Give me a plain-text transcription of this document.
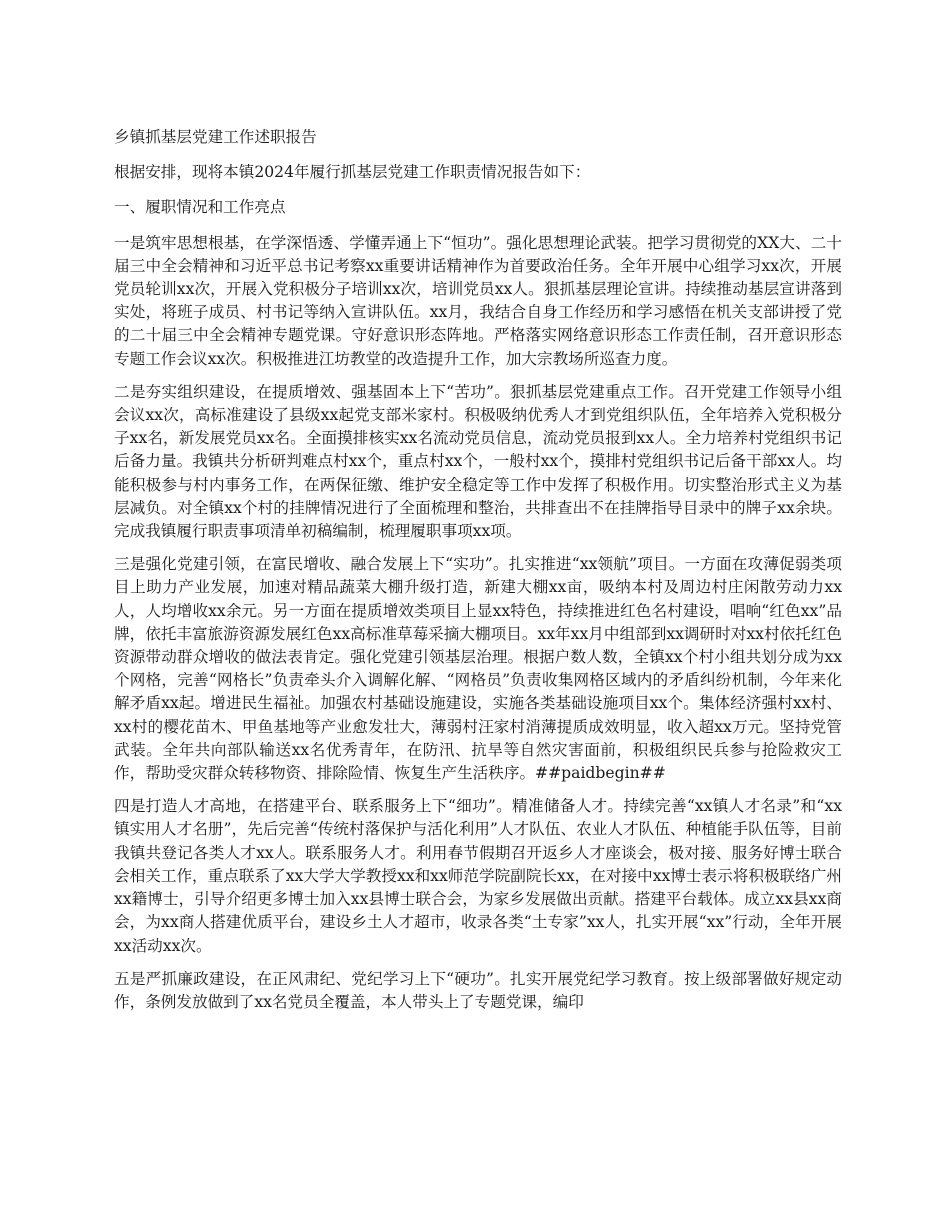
乡镇抓基层党建工作述职报告

根据安排，现将本镇2024年履行抓基层党建工作职责情况报告如下：

一、履职情况和工作亮点

一是筑牢思想根基，在学深悟透、学懂弄通上下“恒功”。强化思想理论武装。把学习贯彻党的XX大、二十届三中全会精神和习近平总书记考察xx重要讲话精神作为首要政治任务。全年开展中心组学习xx次，开展党员轮训xx次，开展入党积极分子培训xx次，培训党员xx人。狠抓基层理论宣讲。持续推动基层宣讲落到实处，将班子成员、村书记等纳入宣讲队伍。xx月，我结合自身工作经历和学习感悟在机关支部讲授了党的二十届三中全会精神专题党课。守好意识形态阵地。严格落实网络意识形态工作责任制，召开意识形态专题工作会议xx次。积极推进江坊教堂的改造提升工作，加大宗教场所巡查力度。

二是夯实组织建设，在提质增效、强基固本上下“苦功”。狠抓基层党建重点工作。召开党建工作领导小组会议xx次，高标准建设了县级xx起党支部米家村。积极吸纳优秀人才到党组织队伍，全年培养入党积极分子xx名，新发展党员xx名。全面摸排核实xx名流动党员信息，流动党员报到xx人。全力培养村党组织书记后备力量。我镇共分析研判难点村xx个，重点村xx个，一般村xx个，摸排村党组织书记后备干部xx人。均能积极参与村内事务工作，在两保征缴、维护安全稳定等工作中发挥了积极作用。切实整治形式主义为基层减负。对全镇xx个村的挂牌情况进行了全面梳理和整治，共排查出不在挂牌指导目录中的牌子xx余块。完成我镇履行职责事项清单初稿编制，梳理履职事项xx项。

三是强化党建引领，在富民增收、融合发展上下“实功”。扎实推进“xx领航”项目。一方面在攻薄促弱类项目上助力产业发展，加速对精品蔬菜大棚升级打造，新建大棚xx亩，吸纳本村及周边村庄闲散劳动力xx人，人均增收xx余元。另一方面在提质增效类项目上显xx特色，持续推进红色名村建设，唱响“红色xx”品牌，依托丰富旅游资源发展红色xx高标准草莓采摘大棚项目。xx年xx月中组部到xx调研时对xx村依托红色资源带动群众增收的做法表肯定。强化党建引领基层治理。根据户数人数，全镇xx个村小组共划分成为xx个网格，完善“网格长”负责牵头介入调解化解、“网格员”负责收集网格区域内的矛盾纠纷机制，今年来化解矛盾xx起。增进民生福祉。加强农村基础设施建设，实施各类基础设施项目xx个。集体经济强村xx村、xx村的樱花苗木、甲鱼基地等产业愈发壮大，薄弱村汪家村消薄提质成效明显，收入超xx万元。坚持党管武装。全年共向部队输送xx名优秀青年，在防汛、抗旱等自然灾害面前，积极组织民兵参与抢险救灾工作，帮助受灾群众转移物资、排除险情、恢复生产生活秩序。##paidbegin##

四是打造人才高地，在搭建平台、联系服务上下“细功”。精准储备人才。持续完善“xx镇人才名录”和“xx镇实用人才名册”，先后完善“传统村落保护与活化利用”人才队伍、农业人才队伍、种植能手队伍等，目前我镇共登记各类人才xx人。联系服务人才。利用春节假期召开返乡人才座谈会，极对接、服务好博士联合会相关工作，重点联系了xx大学大学教授xx和xx师范学院副院长xx，在对接中xx博士表示将积极联络广州xx籍博士，引导介绍更多博士加入xx县博士联合会，为家乡发展做出贡献。搭建平台载体。成立xx县xx商会，为xx商人搭建优质平台，建设乡土人才超市，收录各类“土专家”xx人，扎实开展“xx”行动，全年开展xx活动xx次。

五是严抓廉政建设，在正风肃纪、党纪学习上下“硬功”。扎实开展党纪学习教育。按上级部署做好规定动作，条例发放做到了xx名党员全覆盖，本人带头上了专题党课，编印
